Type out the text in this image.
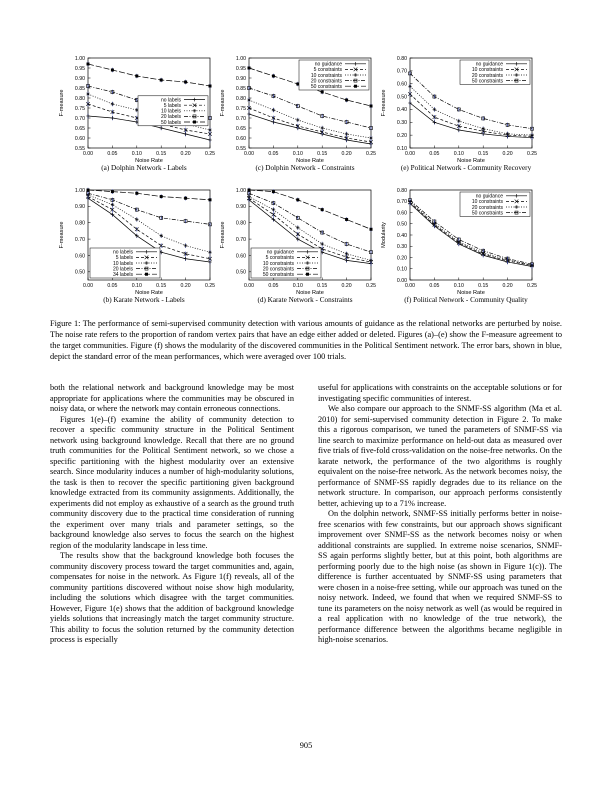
0.00	0.05	0.10	0.15	0.20	0.25
0.55
0.60
0.65
0.70
0.75
0.80
0.85
0.90
0.95
1.00
Noise Rate
F-measure	no labels
5 labels
10 labels
20 labels
50 labels
(a) Dolphin Network - Labels
0.00	0.05	0.10	0.15	0.20	0.25
0.55
0.60
0.65
0.70
0.75
0.80
0.85
0.90
0.95
1.00
Noise Rate
F-measure
no guidance
5 constraints
10 constraints
20 constraints
50 constraints
(c) Dolphin Network - Constraints
0.00	0.05	0.10	0.15	0.20	0.25
0.10
0.20
0.30
0.40
0.50
0.60
0.70
0.80
Noise Rate
F-measure
no guidance
10 constraints
20 constraints
50 constraints
(e) Political Network - Community Recovery
0.00	0.05	0.10	0.15	0.20	0.25
0.50
0.60
0.70
0.80
0.90
1.00
Noise Rate
F-measure
no labels
5 labels
10 labels
20 labels
34 labels
(b) Karate Network - Labels
0.00	0.05	0.10	0.15	0.20	0.25
0.50
0.60
0.70
0.80
0.90
1.00
Noise Rate
F-measure
no guidance
5 constraints
10 constraints
20 constraints
50 constraints
(d) Karate Network - Constraints
0.00	0.05	0.10	0.15	0.20	0.25
0.00
0.10
0.20
0.30
0.40
0.50
0.60
0.70
0.80
Noise Rate
Modularity
no guidance
10 constraints
20 constraints
50 constraints
(f) Political Network - Community Quality
Figure 1: The performance of semi-supervised community detection with various amounts of guidance as the relational networks are perturbed by noise. The noise rate refers to the proportion of random vertex pairs that have an edge either added or deleted. Figures (a)–(e) show the F-measure agreement to the target communities. Figure (f) shows the modularity of the discovered communities in the Political Sentiment network. The error bars, shown in blue, depict the standard error of the mean performances, which were averaged over 100 trials.

both the relational network and background knowledge may be most appropriate for applications where the communities may be obscured in noisy data, or where the network may contain erroneous connections.

Figures 1(e)–(f) examine the ability of community detection to recover a specific community structure in the Political Sentiment network using background knowledge. Recall that there are no ground truth communities for the Political Sentiment network, so we chose a specific partitioning with the highest modularity over an extensive search. Since modularity induces a number of high-modularity solutions, the task is then to recover the specific partitioning given background knowledge extracted from its community assignments. Additionally, the experiments did not employ as exhaustive of a search as the ground truth community discovery due to the practical time consideration of running the experiment over many trials and parameter settings, so the background knowledge also serves to focus the search on the highest region of the modularity landscape in less time.

The results show that the background knowledge both focuses the community discovery process toward the target communities and, again, compensates for noise in the network. As Figure 1(f) reveals, all of the community partitions discovered without noise show high modularity, including the solutions which disagree with the target communities. However, Figure 1(e) shows that the addition of background knowledge yields solutions that increasingly match the target community structure. This ability to focus the solution returned by the community detection process is especially

useful for applications with constraints on the acceptable solutions or for investigating specific communities of interest.

We also compare our approach to the SNMF-SS algorithm (Ma et al. 2010) for semi-supervised community detection in Figure 2. To make this a rigorous comparison, we tuned the parameters of SNMF-SS via line search to maximize performance on held-out data as measured over five trials of five-fold cross-validation on the noise-free networks. On the karate network, the performance of the two algorithms is roughly equivalent on the noise-free network. As the network becomes noisy, the performance of SNMF-SS rapidly degrades due to its reliance on the network structure. In comparison, our approach performs consistently better, achieving up to a 71% increase.

On the dolphin network, SNMF-SS initially performs better in noise-free scenarios with few constraints, but our approach shows significant improvement over SNMF-SS as the network becomes noisy or when additional constraints are supplied. In extreme noise scenarios, SNMF-SS again performs slightly better, but at this point, both algorithms are performing poorly due to the high noise (as shown in Figure 1(c)). The difference is further accentuated by SNMF-SS using parameters that were chosen in a noise-free setting, while our approach was tuned on the noisy network. Indeed, we found that when we required SNMF-SS to tune its parameters on the noisy network as well (as would be required in a real application with no knowledge of the true network), the performance difference between the algorithms became negligible in high-noise scenarios.

905
